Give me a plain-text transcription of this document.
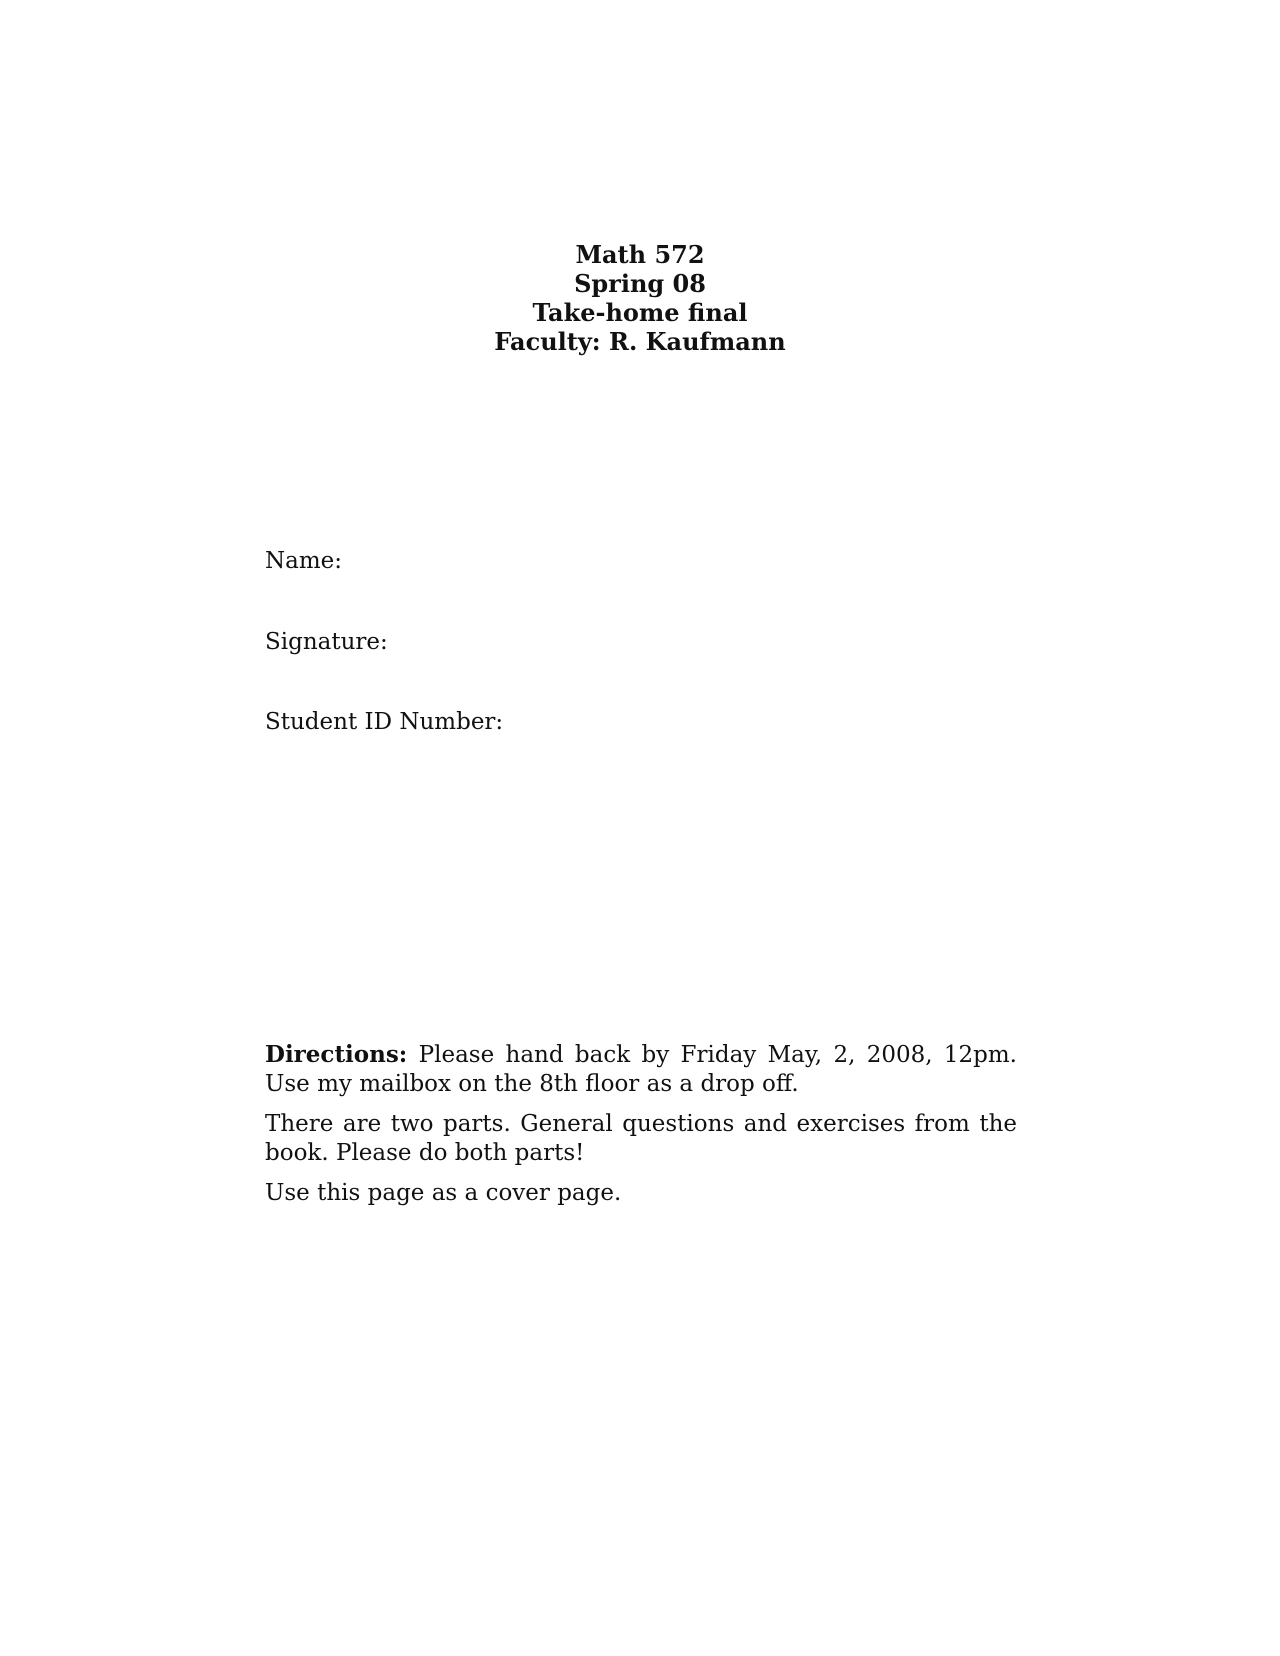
Math 572
Spring 08
Take-home final
Faculty: R. Kaufmann
Name:
Signature:
Student ID Number:

Directions: Please hand back by Friday May, 2, 2008, 12pm. Use my mailbox on the 8th floor as a drop off.

There are two parts. General questions and exercises from the book. Please do both parts!

Use this page as a cover page.
